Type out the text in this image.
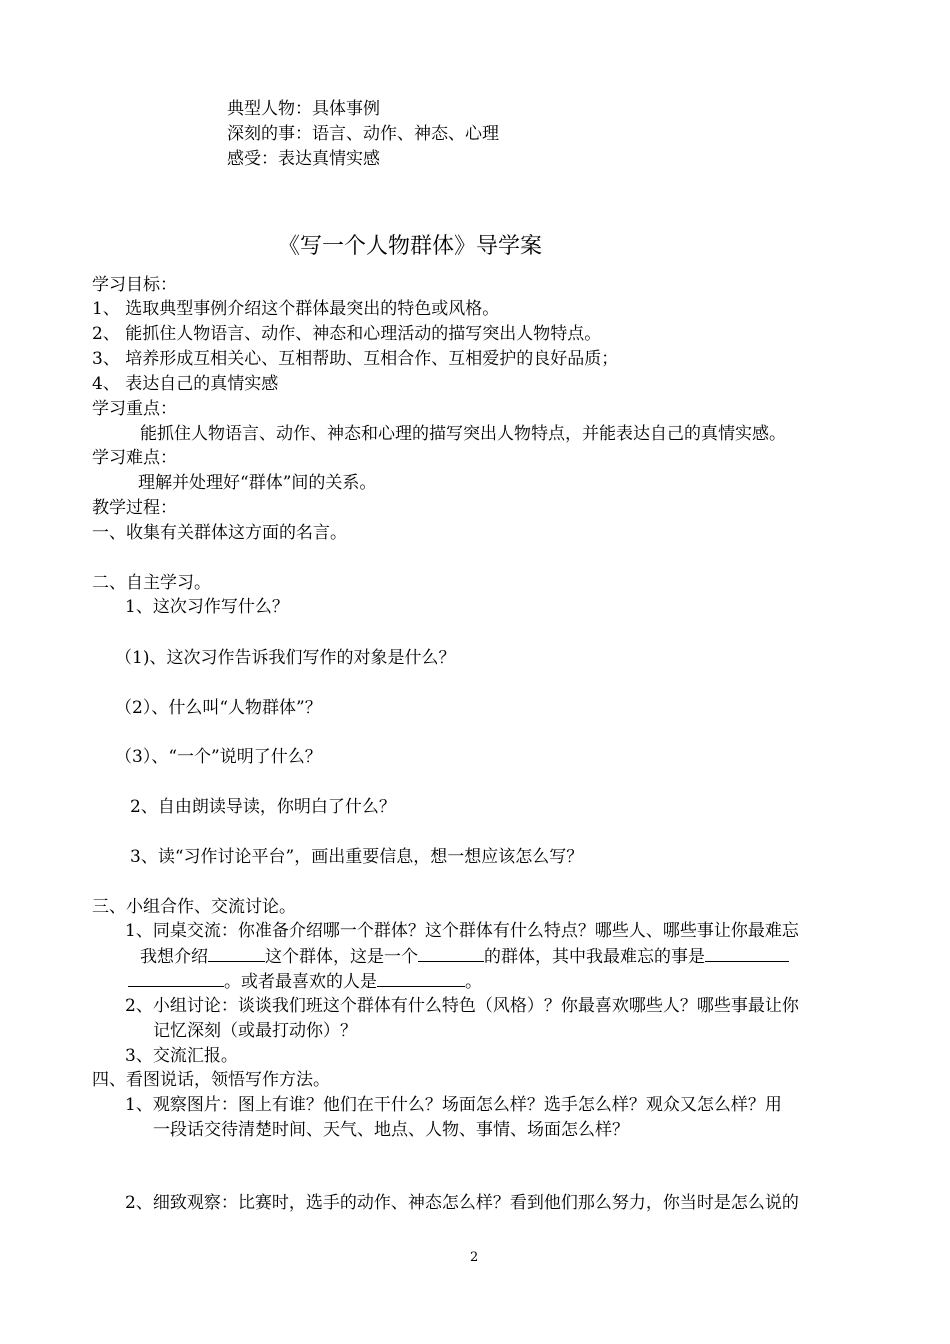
典型人物：具体事例
深刻的事：语言、动作、神态、心理
感受：表达真情实感
《写一个人物群体》导学案
学习目标：
1、 选取典型事例介绍这个群体最突出的特色或风格。
2、 能抓住人物语言、动作、神态和心理活动的描写突出人物特点。
3、 培养形成互相关心、互相帮助、互相合作、互相爱护的良好品质；
4、 表达自己的真情实感
学习重点：
能抓住人物语言、动作、神态和心理的描写突出人物特点，并能表达自己的真情实感。
学习难点：
理解并处理好“群体”间的关系。
教学过程：
一、收集有关群体这方面的名言。
二、自主学习。
1、这次习作写什么？
（1)、这次习作告诉我们写作的对象是什么？
（2）、什么叫“人物群体”？
（3）、“一个”说明了什么？
2、自由朗读导读，你明白了什么？
3、读“习作讨论平台”，画出重要信息，想一想应该怎么写？
三、小组合作、交流讨论。
1、同桌交流：你准备介绍哪一个群体？这个群体有什么特点？哪些人、哪些事让你最难忘
我想介绍	这个群体，这是一个	的群体，其中我最难忘的事是
。或者最喜欢的人是	。
2、小组讨论：谈谈我们班这个群体有什么特色（风格）？你最喜欢哪些人？哪些事最让你
记忆深刻（或最打动你）？
3、交流汇报。
四、看图说话，领悟写作方法。
1、观察图片：图上有谁？他们在干什么？场面怎么样？选手怎么样？观众又怎么样？用
一段话交待清楚时间、天气、地点、人物、事情、场面怎么样？
2、细致观察：比赛时，选手的动作、神态怎么样？看到他们那么努力，你当时是怎么说的
2
